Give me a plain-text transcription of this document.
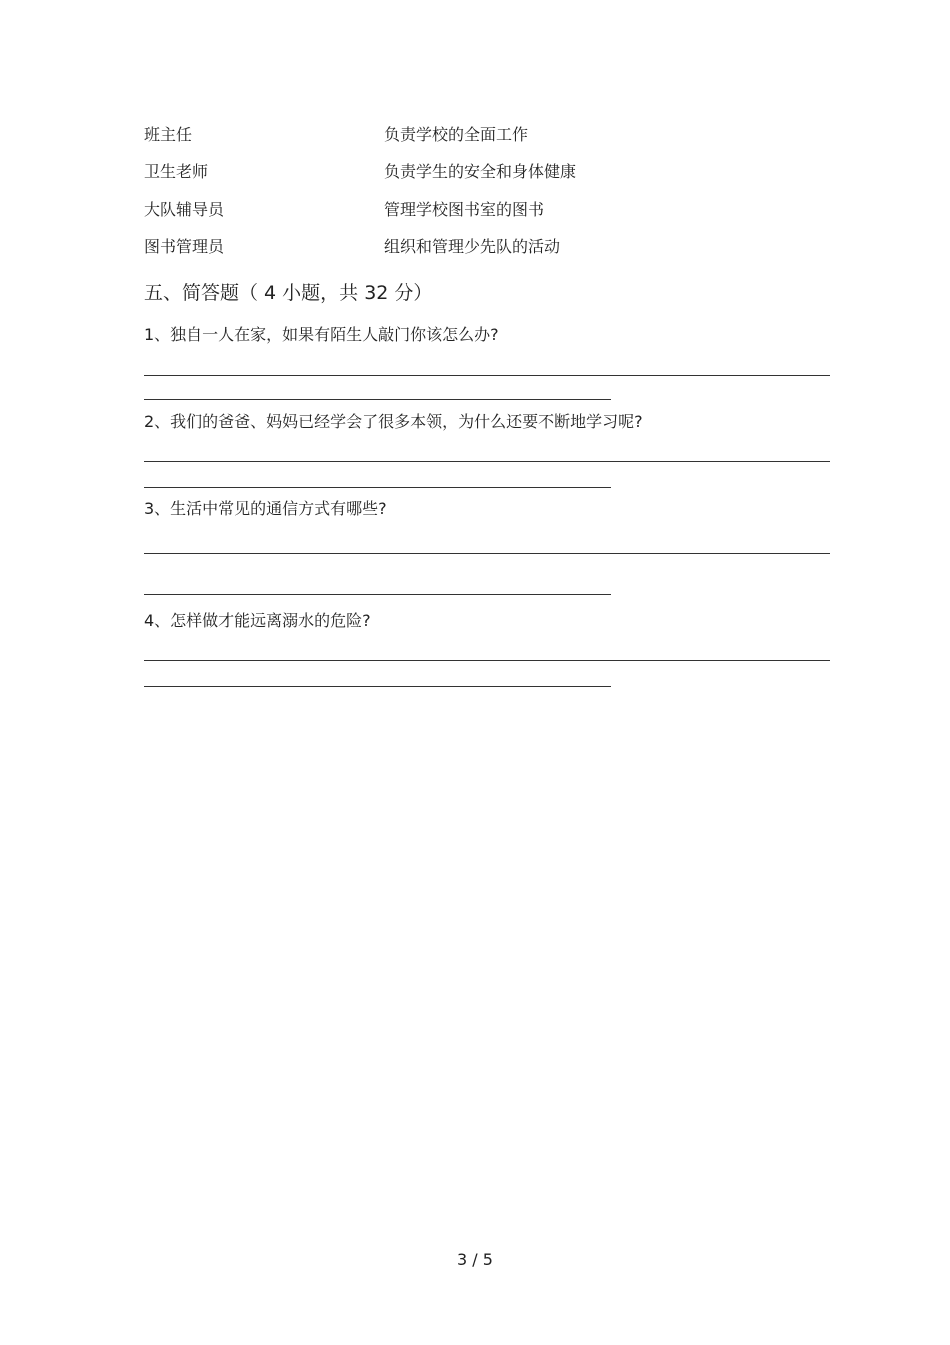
班主任	负责学校的全面工作
卫生老师	负责学生的安全和身体健康
大队辅导员	管理学校图书室的图书
图书管理员	组织和管理少先队的活动
五、简答题（ 4 小题，共 32 分）
1、独自一人在家，如果有陌生人敲门你该怎么办?
2、我们的爸爸、妈妈已经学会了很多本领，为什么还要不断地学习呢?
3、生活中常见的通信方式有哪些?
4、怎样做才能远离溺水的危险?
3 / 5
